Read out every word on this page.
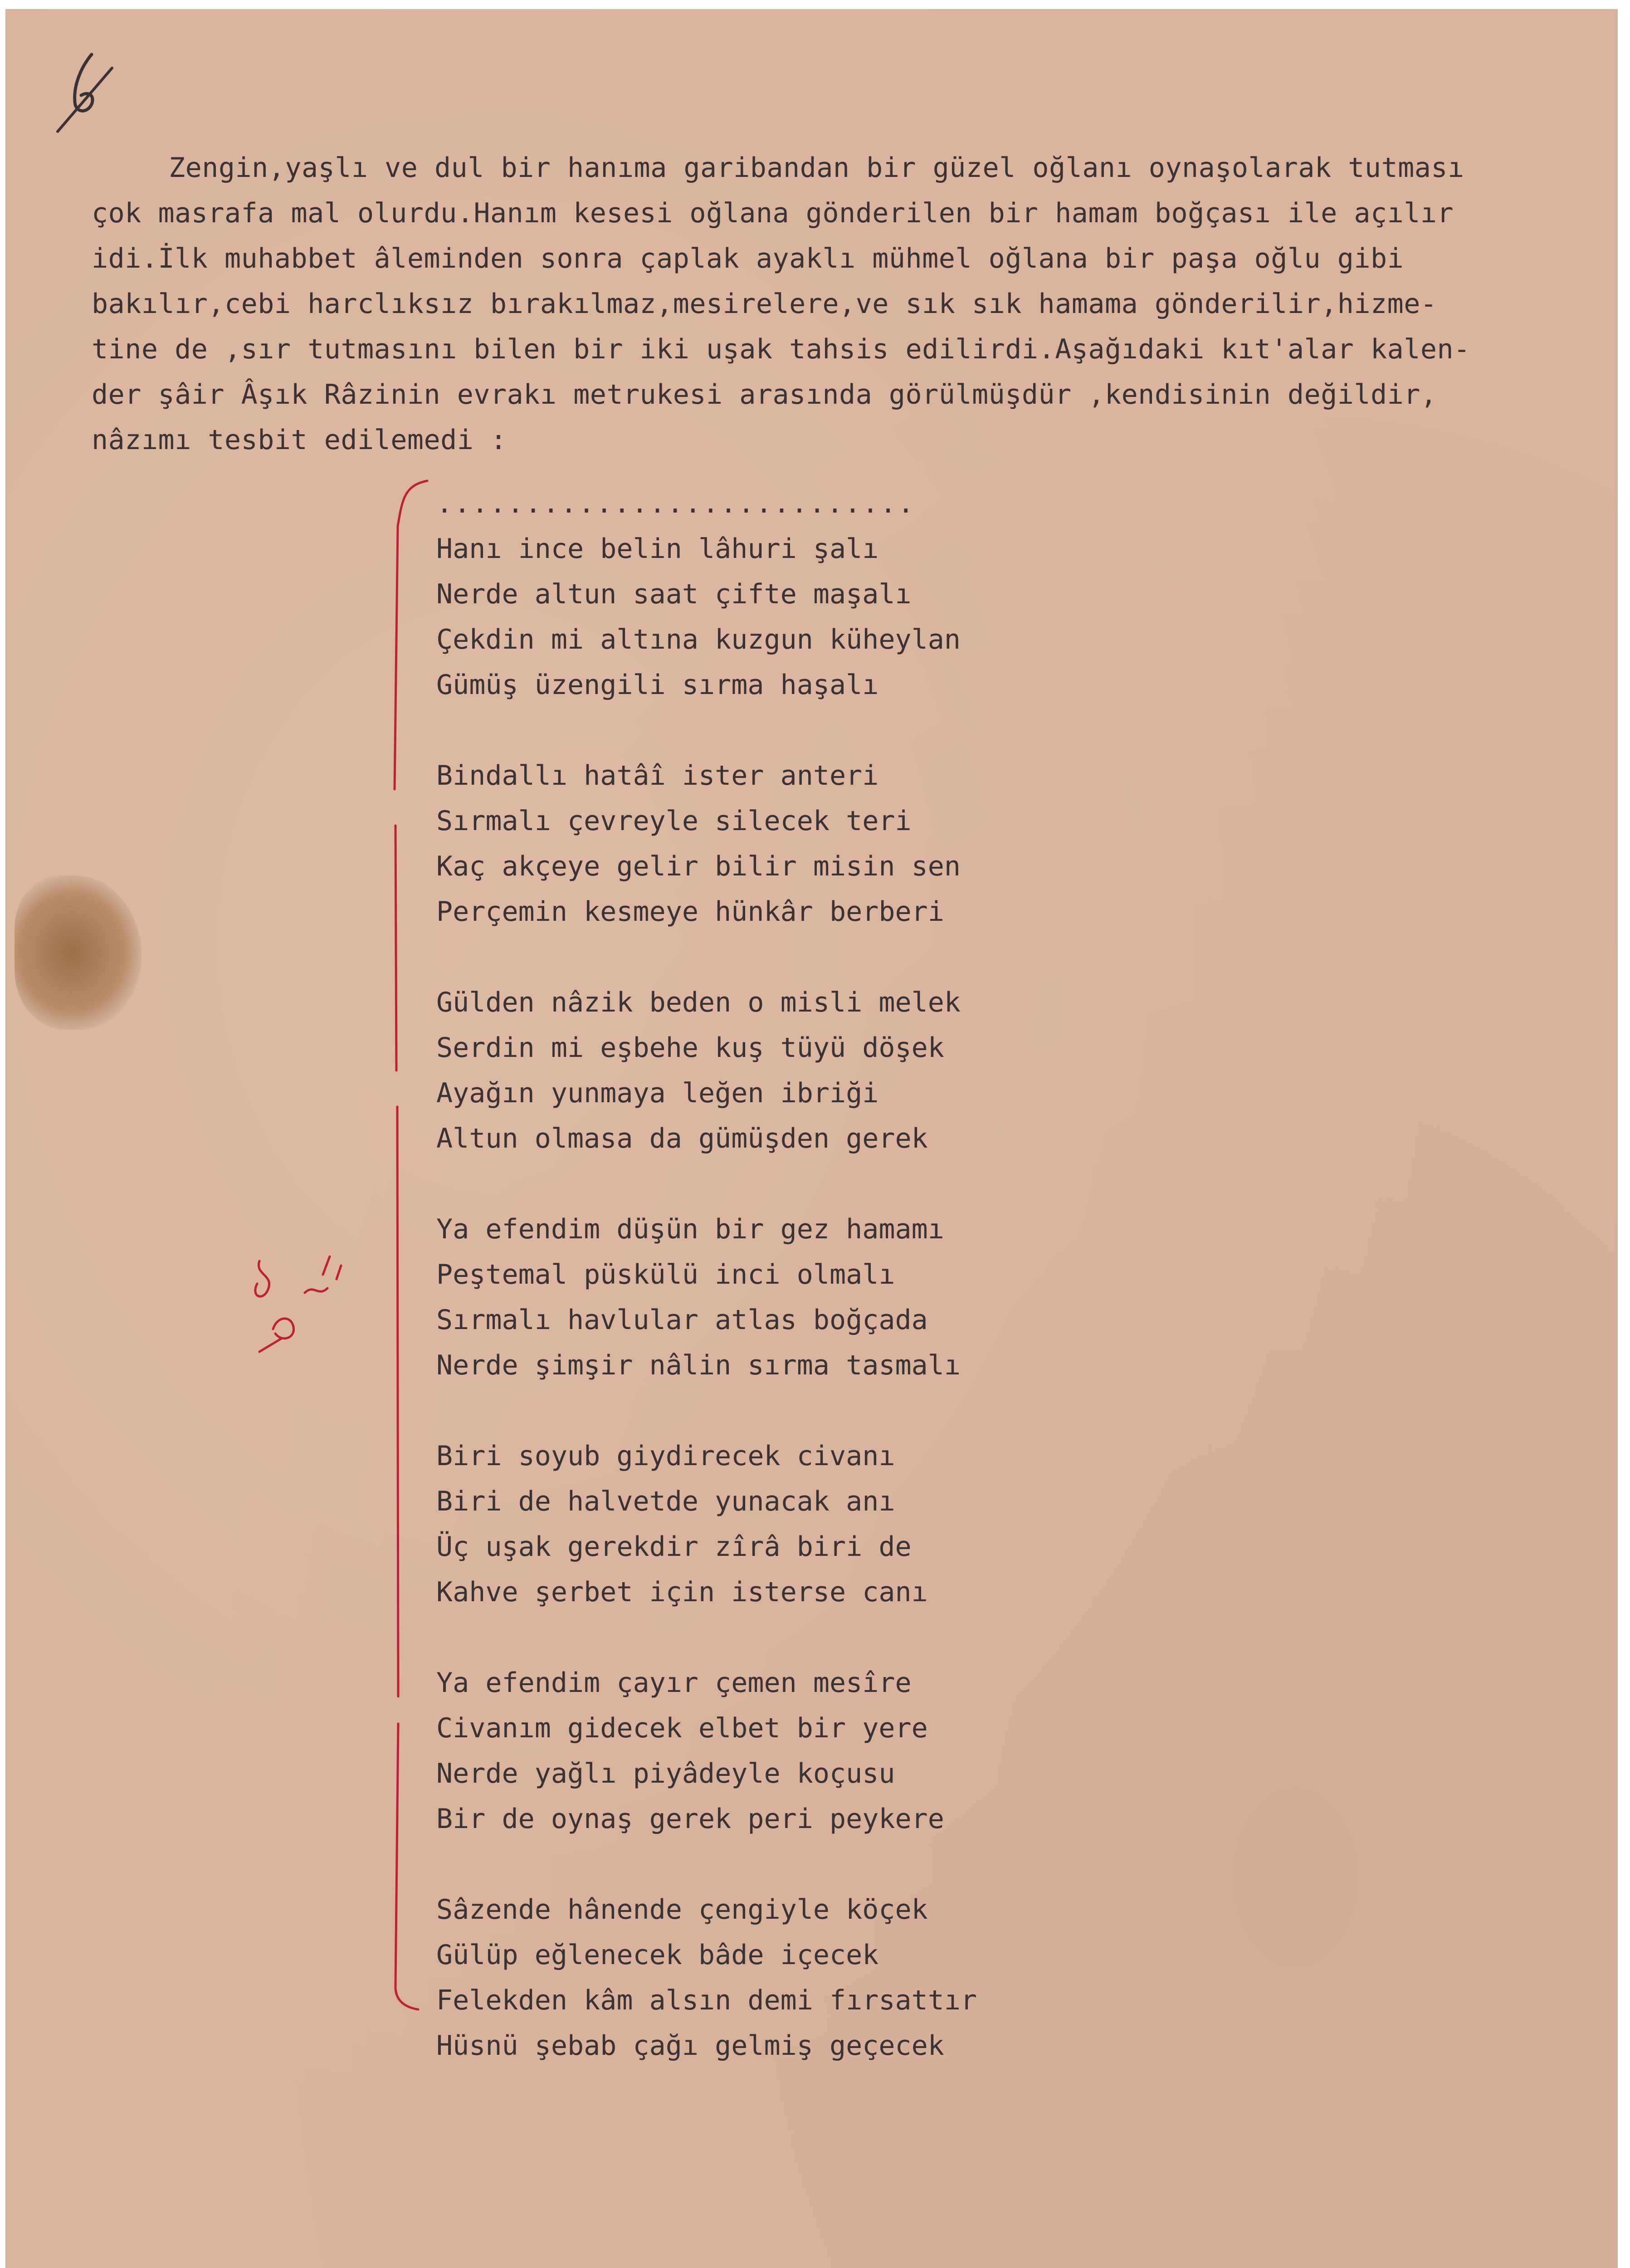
Zengin,yaşlı ve dul bir hanıma garibandan bir güzel oğlanı oynaşolarak tutması
çok masrafa mal olurdu.Hanım kesesi oğlana gönderilen bir hamam boğçası ile açılır
idi.İlk muhabbet âleminden sonra çaplak ayaklı mühmel oğlana bir paşa oğlu gibi
bakılır,cebi harclıksız bırakılmaz,mesirelere,ve sık sık hamama gönderilir,hizme-
tine de ,sır tutmasını bilen bir iki uşak tahsis edilirdi.Aşağıdaki kıt'alar kalen-
der şâir Âşık Râzinin evrakı metrukesi arasında görülmüşdür ,kendisinin değildir,
nâzımı tesbit edilemedi :
...........................
Hanı ince belin lâhuri şalı
Nerde altun saat çifte maşalı
Çekdin mi altına kuzgun küheylan
Gümüş üzengili sırma haşalı
Bindallı hatâî ister anteri
Sırmalı çevreyle silecek teri
Kaç akçeye gelir bilir misin sen
Perçemin kesmeye hünkâr berberi
Gülden nâzik beden o misli melek
Serdin mi eşbehe kuş tüyü döşek
Ayağın yunmaya leğen ibriği
Altun olmasa da gümüşden gerek
Ya efendim düşün bir gez hamamı
Peştemal püskülü inci olmalı
Sırmalı havlular atlas boğçada
Nerde şimşir nâlin sırma tasmalı
Biri soyub giydirecek civanı
Biri de halvetde yunacak anı
Üç uşak gerekdir zîrâ biri de
Kahve şerbet için isterse canı
Ya efendim çayır çemen mesîre
Civanım gidecek elbet bir yere
Nerde yağlı piyâdeyle koçusu
Bir de oynaş gerek peri peykere
Sâzende hânende çengiyle köçek
Gülüp eğlenecek bâde içecek
Felekden kâm alsın demi fırsattır
Hüsnü şebab çağı gelmiş geçecek
